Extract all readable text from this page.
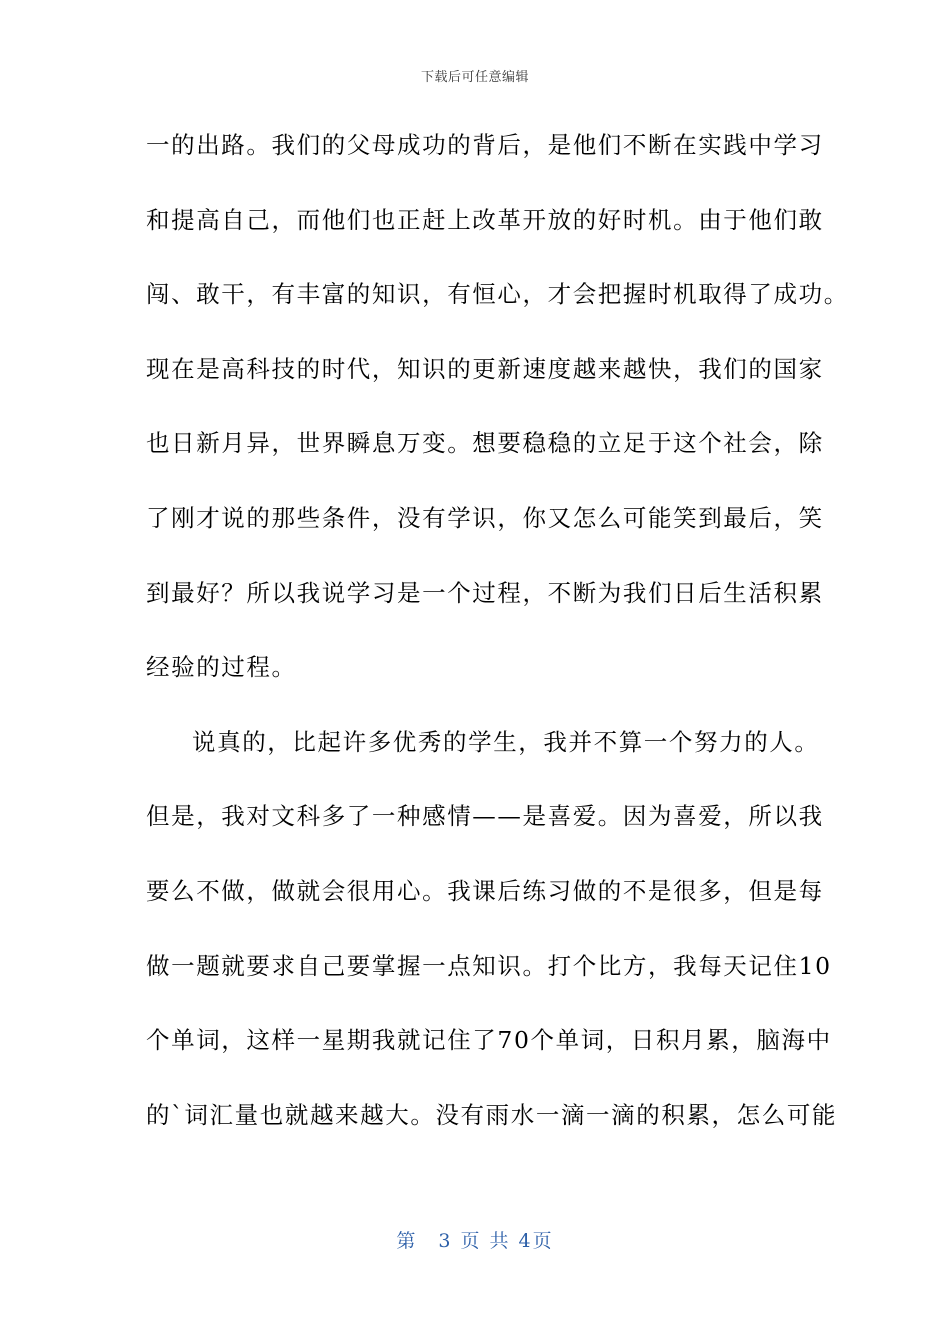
下载后可任意编辑
一的出路。我们的父母成功的背后，是他们不断在实践中学习
和提高自己，而他们也正赶上改革开放的好时机。由于他们敢
闯、敢干，有丰富的知识，有恒心，才会把握时机取得了成功。
现在是高科技的时代，知识的更新速度越来越快，我们的国家
也日新月异，世界瞬息万变。想要稳稳的立足于这个社会，除
了刚才说的那些条件，没有学识，你又怎么可能笑到最后，笑
到最好？所以我说学习是一个过程，不断为我们日后生活积累
经验的过程。
说真的，比起许多优秀的学生，我并不算一个努力的人。
但是，我对文科多了一种感情——是喜爱。因为喜爱，所以我
要么不做，做就会很用心。我课后练习做的不是很多，但是每
做一题就要求自己要掌握一点知识。打个比方，我每天记住10
个单词，这样一星期我就记住了70个单词，日积月累，脑海中
的`词汇量也就越来越大。没有雨水一滴一滴的积累，怎么可能
第　3 页 共 4页
